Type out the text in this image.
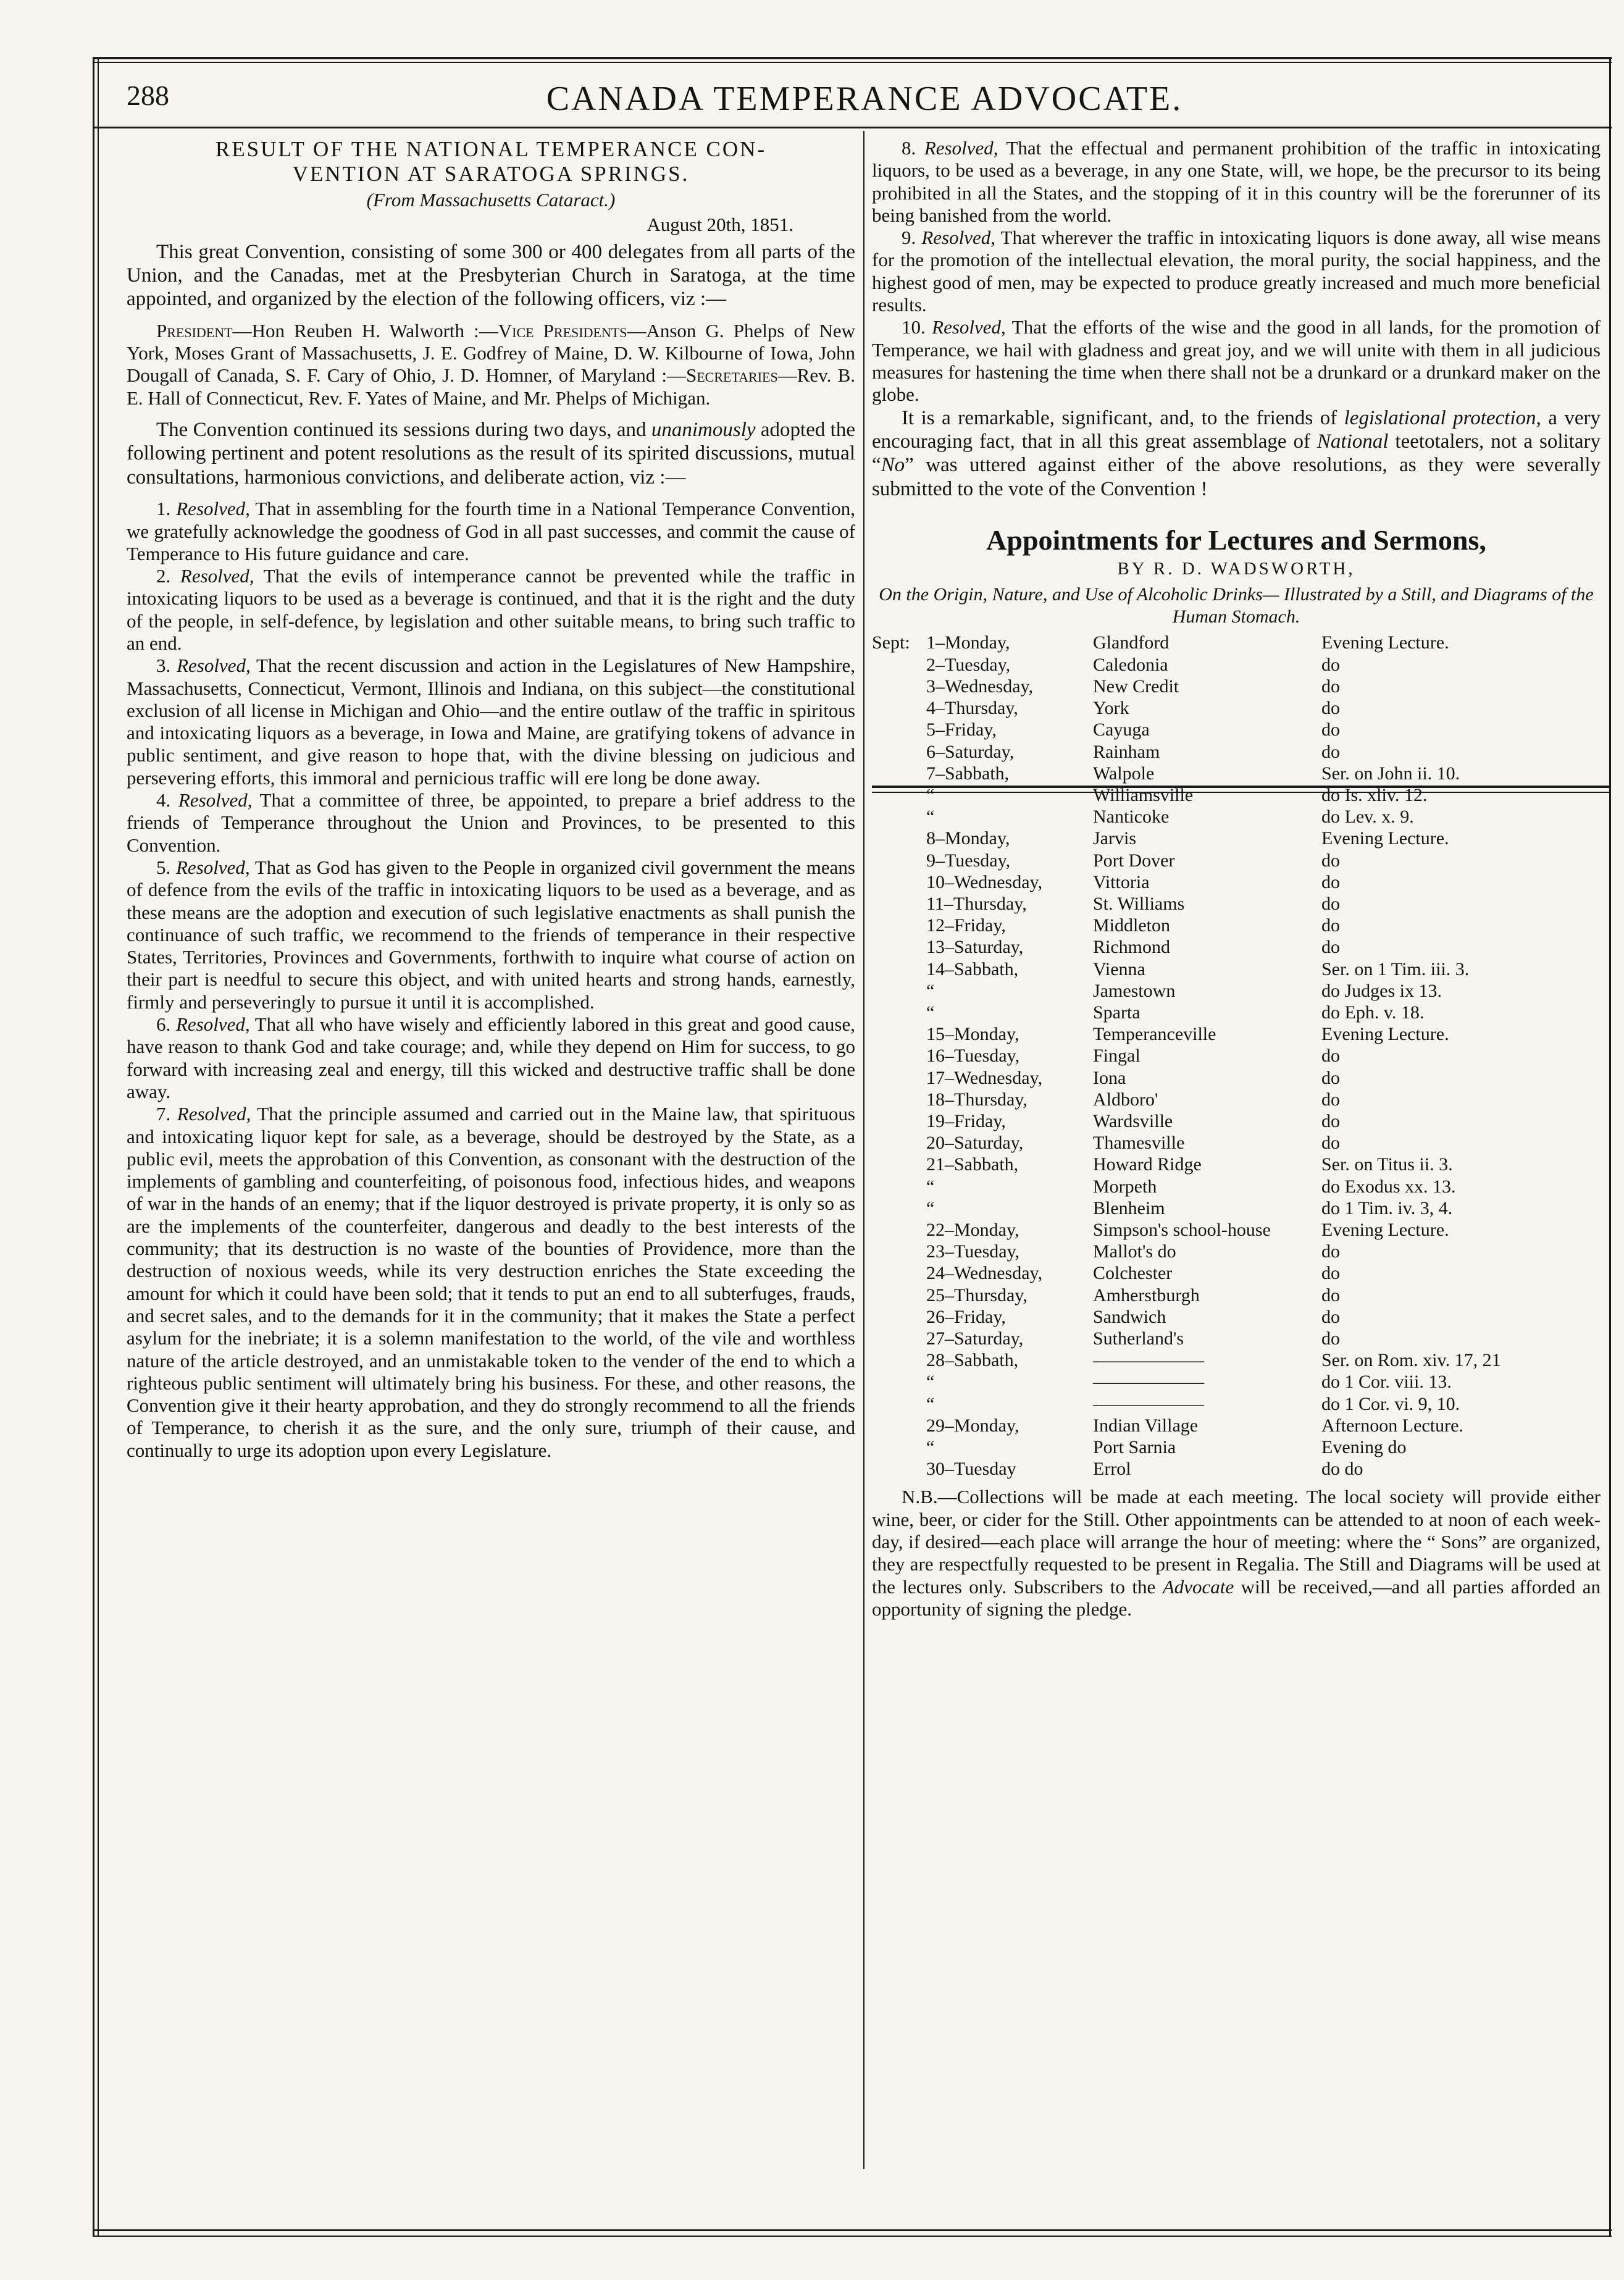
288	CANADA TEMPERANCE ADVOCATE.

RESULT OF THE NATIONAL TEMPERANCE CON-
VENTION AT SARATOGA SPRINGS.

(From Massachusetts Cataract.)

August 20th, 1851.

This great Convention, consisting of some 300 or 400 delegates from all parts of the Union, and the Canadas, met at the Presbyterian Church in Saratoga, at the time appointed, and organized by the election of the following officers, viz :—

President—Hon Reuben H. Walworth :—Vice Presidents—Anson G. Phelps of New York, Moses Grant of Massachusetts, J. E. Godfrey of Maine, D. W. Kilbourne of Iowa, John Dougall of Canada, S. F. Cary of Ohio, J. D. Homner, of Maryland :—Secretaries—Rev. B. E. Hall of Connecticut, Rev. F. Yates of Maine, and Mr. Phelps of Michigan.

The Convention continued its sessions during two days, and unanimously adopted the following pertinent and potent resolutions as the result of its spirited discussions, mutual consultations, harmonious convictions, and deliberate action, viz :—

1. Resolved, That in assembling for the fourth time in a National Temperance Convention, we gratefully acknowledge the goodness of God in all past successes, and commit the cause of Temperance to His future guidance and care.

2. Resolved, That the evils of intemperance cannot be prevented while the traffic in intoxicating liquors to be used as a beverage is continued, and that it is the right and the duty of the people, in self-defence, by legislation and other suitable means, to bring such traffic to an end.

3. Resolved, That the recent discussion and action in the Legislatures of New Hampshire, Massachusetts, Connecticut, Vermont, Illinois and Indiana, on this subject—the constitutional exclusion of all license in Michigan and Ohio—and the entire outlaw of the traffic in spiritous and intoxicating liquors as a beverage, in Iowa and Maine, are gratifying tokens of advance in public sentiment, and give reason to hope that, with the divine blessing on judicious and persevering efforts, this immoral and pernicious traffic will ere long be done away.

4. Resolved, That a committee of three, be appointed, to prepare a brief address to the friends of Temperance throughout the Union and Provinces, to be presented to this Convention.

5. Resolved, That as God has given to the People in organized civil government the means of defence from the evils of the traffic in intoxicating liquors to be used as a beverage, and as these means are the adoption and execution of such legislative enactments as shall punish the continuance of such traffic, we recommend to the friends of temperance in their respective States, Territories, Provinces and Governments, forthwith to inquire what course of action on their part is needful to secure this object, and with united hearts and strong hands, earnestly, firmly and perseveringly to pursue it until it is accomplished.

6. Resolved, That all who have wisely and efficiently labored in this great and good cause, have reason to thank God and take courage; and, while they depend on Him for success, to go forward with increasing zeal and energy, till this wicked and destructive traffic shall be done away.

7. Resolved, That the principle assumed and carried out in the Maine law, that spirituous and intoxicating liquor kept for sale, as a beverage, should be destroyed by the State, as a public evil, meets the approbation of this Convention, as consonant with the destruction of the implements of gambling and counterfeiting, of poisonous food, infectious hides, and weapons of war in the hands of an enemy; that if the liquor destroyed is private property, it is only so as are the implements of the counterfeiter, dangerous and deadly to the best interests of the community; that its destruction is no waste of the bounties of Providence, more than the destruction of noxious weeds, while its very destruction enriches the State exceeding the amount for which it could have been sold; that it tends to put an end to all subterfuges, frauds, and secret sales, and to the demands for it in the community; that it makes the State a perfect asylum for the inebriate; it is a solemn manifestation to the world, of the vile and worthless nature of the article destroyed, and an unmistakable token to the vender of the end to which a righteous public sentiment will ultimately bring his business. For these, and other reasons, the Convention give it their hearty approbation, and they do strongly recommend to all the friends of Temperance, to cherish it as the sure, and the only sure, triumph of their cause, and continually to urge its adoption upon every Legislature.

8. Resolved, That the effectual and permanent prohibition of the traffic in intoxicating liquors, to be used as a beverage, in any one State, will, we hope, be the precursor to its being prohibited in all the States, and the stopping of it in this country will be the forerunner of its being banished from the world.

9. Resolved, That wherever the traffic in intoxicating liquors is done away, all wise means for the promotion of the intellectual elevation, the moral purity, the social happiness, and the highest good of men, may be expected to produce greatly increased and much more beneficial results.

10. Resolved, That the efforts of the wise and the good in all lands, for the promotion of Temperance, we hail with gladness and great joy, and we will unite with them in all judicious measures for hastening the time when there shall not be a drunkard or a drunkard maker on the globe.

It is a remarkable, significant, and, to the friends of legislational protection, a very encouraging fact, that in all this great assemblage of National teetotalers, not a solitary “No” was uttered against either of the above resolutions, as they were severally submitted to the vote of the Convention !

Appointments for Lectures and Sermons,
BY R. D. WADSWORTH,
On the Origin, Nature, and Use of Alcoholic Drinks— Illustrated by a Still, and Diagrams of the Human Stomach.
Sept:	1–Monday,	Glandford	Evening Lecture.
	2–Tuesday,	Caledonia	do
	3–Wednesday,	New Credit	do
	4–Thursday,	York	do
	5–Friday,	Cayuga	do
	6–Saturday,	Rainham	do
	7–Sabbath,	Walpole	Ser. on John ii. 10.
	“	Williamsville	do Is. xliv. 12.
	“	Nanticoke	do Lev. x. 9.
	8–Monday,	Jarvis	Evening Lecture.
	9–Tuesday,	Port Dover	do
	10–Wednesday,	Vittoria	do
	11–Thursday,	St. Williams	do
	12–Friday,	Middleton	do
	13–Saturday,	Richmond	do
	14–Sabbath,	Vienna	Ser. on 1 Tim. iii. 3.
	“	Jamestown	do Judges ix 13.
	“	Sparta	do Eph. v. 18.
	15–Monday,	Temperanceville	Evening Lecture.
	16–Tuesday,	Fingal	do
	17–Wednesday,	Iona	do
	18–Thursday,	Aldboro'	do
	19–Friday,	Wardsville	do
	20–Saturday,	Thamesville	do
	21–Sabbath,	Howard Ridge	Ser. on Titus ii. 3.
	“	Morpeth	do Exodus xx. 13.
	“	Blenheim	do 1 Tim. iv. 3, 4.
	22–Monday,	Simpson's school-house	Evening Lecture.
	23–Tuesday,	Mallot's do	do
	24–Wednesday,	Colchester	do
	25–Thursday,	Amherstburgh	do
	26–Friday,	Sandwich	do
	27–Saturday,	Sutherland's	do
	28–Sabbath,	——————	Ser. on Rom. xiv. 17, 21
	“	——————	do 1 Cor. viii. 13.
	“	——————	do 1 Cor. vi. 9, 10.
	29–Monday,	Indian Village	Afternoon Lecture.
	“	Port Sarnia	Evening do
	30–Tuesday	Errol	do do

N.B.—Collections will be made at each meeting. The local society will provide either wine, beer, or cider for the Still. Other appointments can be attended to at noon of each week-day, if desired—each place will arrange the hour of meeting: where the “ Sons” are organized, they are respectfully requested to be present in Regalia. The Still and Diagrams will be used at the lectures only. Subscribers to the Advocate will be received,—and all parties afforded an opportunity of signing the pledge.
